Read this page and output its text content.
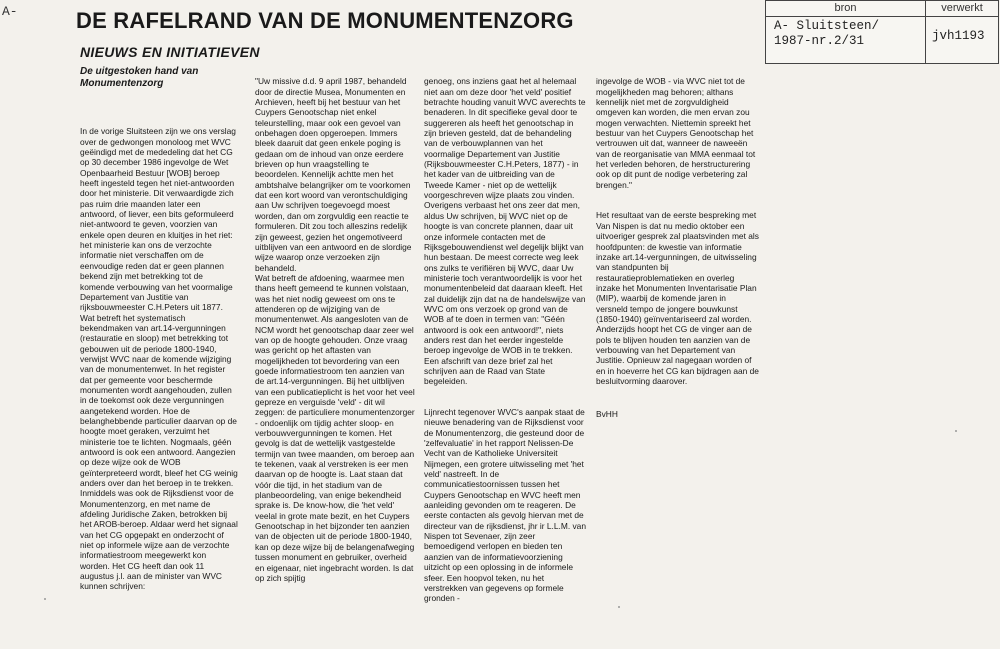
A-	DE RAFELRAND VAN DE MONUMENTENZORG
NIEUWS EN INITIATIEVEN
De uitgestoken hand van Monumentenzorg

In de vorige Sluitsteen zijn we ons verslag over de gedwongen monoloog met WVC geëindigd met de mededeling dat het CG op 30 december 1986 ingevolge de Wet Openbaarheid Bestuur [WOB] beroep heeft ingesteld tegen het niet-antwoorden door het ministerie. Dit verwaardigde zich pas ruim drie maanden later een antwoord, of liever, een bits geformuleerd niet-antwoord te geven, voorzien van enkele open deuren en kluitjes in het riet: het ministerie kan ons de verzochte informatie niet verschaffen om de eenvoudige reden dat er geen plannen bekend zijn met betrekking tot de komende verbouwing van het voormalige Departement van Justitie van rijksbouwmeester C.H.Peters uit 1877. Wat betreft het systematisch bekendmaken van art.14-vergunningen (restauratie en sloop) met betrekking tot gebouwen uit de periode 1800-1940, verwijst WVC naar de komende wijziging van de monumentenwet. In het register dat per gemeente voor beschermde monumenten wordt aangehouden, zullen in de toekomst ook deze vergunningen aangetekend worden. Hoe de belanghebbende particulier daarvan op de hoogte moet geraken, verzuimt het ministerie toe te lichten. Nogmaals, géén antwoord is ook een antwoord. Aangezien op deze wijze ook de WOB geïnterpreteerd wordt, bleef het CG weinig anders over dan het beroep in te trekken.
Inmiddels was ook de Rijksdienst voor de Monumentenzorg, en met name de afdeling Juridische Zaken, betrokken bij het AROB-beroep. Aldaar werd het signaal van het CG opgepakt en onderzocht of niet op informele wijze aan de verzochte informatiestroom meegewerkt kon worden. Het CG heeft dan ook 11 augustus j.l. aan de minister van WVC kunnen schrijven:

"Uw missive d.d. 9 april 1987, behandeld door de directie Musea, Monumenten en Archieven, heeft bij het bestuur van het Cuypers Genootschap niet enkel teleurstelling, maar ook een gevoel van onbehagen doen opgeroepen. Immers bleek daaruit dat geen enkele poging is gedaan om de inhoud van onze eerdere brieven op hun vraagstelling te beoordelen. Kennelijk achtte men het ambtshalve belangrijker om te voorkomen dat een kort woord van verontschuldiging aan Uw schrijven toegevoegd moest worden, dan om zorgvuldig een reactie te formuleren. Dit zou toch alleszins redelijk zijn geweest, gezien het ongemotiveerd uitblijven van een antwoord en de slordige wijze waarop onze verzoeken zijn behandeld.
Wat betreft de afdoening, waarmee men thans heeft gemeend te kunnen volstaan, was het niet nodig geweest om ons te attenderen op de wijziging van de monumentenwet. Als aangesloten van de NCM wordt het genootschap daar zeer wel van op de hoogte gehouden. Onze vraag was gericht op het aftasten van mogelijkheden tot bevordering van een goede informatiestroom ten aanzien van de art.14-vergunningen. Bij het uitblijven van een publicatieplicht is het voor het veel gepreze en verguisde 'veld' - dit wil zeggen: de particuliere monumentenzorger - ondoenlijk om tijdig achter sloop- en verbouwvergunningen te komen. Het gevolg is dat de wettelijk vastgestelde termijn van twee maanden, om beroep aan te tekenen, vaak al verstreken is eer men daarvan op de hoogte is. Laat staan dat vóór die tijd, in het stadium van de planbeoordeling, van enige bekendheid sprake is. De know-how, die 'het veld' veelal in grote mate bezit, en het Cuypers Genootschap in het bijzonder ten aanzien van de objecten uit de periode 1800-1940, kan op deze wijze bij de belangenafweging tussen monument en gebruiker, overheid en eigenaar, niet ingebracht worden. Is dat op zich spijtig

genoeg, ons inziens gaat het al helemaal niet aan om deze door 'het veld' positief betrachte houding vanuit WVC averechts te benaderen. In dit specifieke geval door te suggereren als heeft het genootschap in zijn brieven gesteld, dat de behandeling van de verbouwplannen van het voormalige Departement van Justitie (Rijksbouwmeester C.H.Peters, 1877) - in het kader van de uitbreiding van de Tweede Kamer - niet op de wettelijk voorgeschreven wijze plaats zou vinden. Overigens verbaast het ons zeer dat men, aldus Uw schrijven, bij WVC niet op de hoogte is van concrete plannen, daar uit onze informele contacten met de Rijksgebouwendienst wel degelijk blijkt van hun bestaan. De meest correcte weg leek ons zulks te verifiëren bij WVC, daar Uw ministerie toch verantwoordelijk is voor het monumentenbeleid dat daaraan kleeft. Het zal duidelijk zijn dat na de handelswijze van WVC om ons verzoek op grond van de WOB af te doen in termen van: "Géén antwoord is ook een antwoord!", niets anders rest dan het eerder ingestelde beroep ingevolge de WOB in te trekken. Een afschrift van deze brief zal het schrijven aan de Raad van State begeleiden.

Lijnrecht tegenover WVC's aanpak staat de nieuwe benadering van de Rijksdienst voor de Monumentenzorg, die gesteund door de 'zelfevaluatie' in het rapport Nelissen-De Vecht van de Katholieke Universiteit Nijmegen, een grotere uitwisseling met 'het veld' nastreeft. In de communicatiestoornissen tussen het Cuypers Genootschap en WVC heeft men aanleiding gevonden om te reageren. De eerste contacten als gevolg hiervan met de directeur van de rijksdienst, jhr ir L.L.M. van Nispen tot Sevenaer, zijn zeer bemoedigend verlopen en bieden ten aanzien van de informatievoorziening uitzicht op een oplossing in de informele sfeer. Een hoopvol teken, nu het verstrekken van gegevens op formele gronden -

ingevolge de WOB - via WVC niet tot de mogelijkheden mag behoren; althans kennelijk niet met de zorgvuldigheid omgeven kan worden, die men ervan zou mogen verwachten. Niettemin spreekt het bestuur van het Cuypers Genootschap het vertrouwen uit dat, wanneer de naweeën van de reorganisatie van MMA eenmaal tot het verleden behoren, de herstructurering ook op dit punt de nodige verbetering zal brengen."

Het resultaat van de eerste bespreking met Van Nispen is dat nu medio oktober een uitvoeriger gesprek zal plaatsvinden met als hoofdpunten: de kwestie van informatie inzake art.14-vergunningen, de uitwisseling van standpunten bij restauratieproblematieken en overleg inzake het Monumenten Inventarisatie Plan (MIP), waarbij de komende jaren in versneld tempo de jongere bouwkunst (1850-1940) geïnventariseerd zal worden.
Anderzijds hoopt het CG de vinger aan de pols te blijven houden ten aanzien van de verbouwing van het Departement van Justitie. Opnieuw zal nagegaan worden of en in hoeverre het CG kan bijdragen aan de besluitvorming daarover.

BvHH

bron	verwerkt
A- Sluitsteen/
1987-nr.2/31	jvh1193
